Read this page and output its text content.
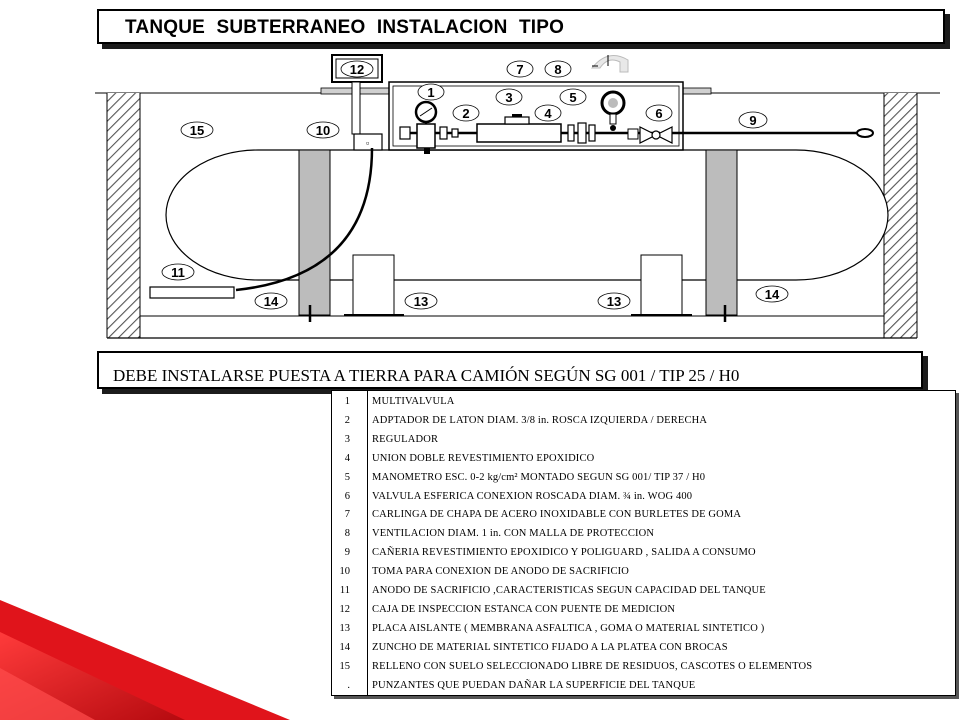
TANQUE SUBTERRANEO INSTALACION TIPO
▫
1
2
3
4
5
6
7 8
9
10
11
12
13	13
14	14
15
DEBE INSTALARSE PUESTA A TIERRA PARA CAMIÓN SEGÚN SG 001 / TIP 25 / H0
1 MULTIVALVULA
2 ADPTADOR DE LATON DIAM. 3/8 in. ROSCA IZQUIERDA / DERECHA
3 REGULADOR
4 UNION DOBLE REVESTIMIENTO EPOXIDICO
5 MANOMETRO ESC. 0-2 kg/cm² MONTADO SEGUN SG 001/ TIP 37 / H0
6 VALVULA ESFERICA CONEXION ROSCADA DIAM. ¾ in. WOG 400
7 CARLINGA DE CHAPA DE ACERO INOXIDABLE CON BURLETES DE GOMA
8 VENTILACION DIAM. 1 in. CON MALLA DE PROTECCION
9 CAÑERIA REVESTIMIENTO EPOXIDICO Y POLIGUARD , SALIDA A CONSUMO
10 TOMA PARA CONEXION DE ANODO DE SACRIFICIO
11 ANODO DE SACRIFICIO ,CARACTERISTICAS SEGUN CAPACIDAD DEL TANQUE
12 CAJA DE INSPECCION ESTANCA CON PUENTE DE MEDICION
13 PLACA AISLANTE ( MEMBRANA ASFALTICA , GOMA O MATERIAL SINTETICO )
14 ZUNCHO DE MATERIAL SINTETICO FIJADO A LA PLATEA CON BROCAS
15 RELLENO CON SUELO SELECCIONADO LIBRE DE RESIDUOS, CASCOTES O ELEMENTOS
. PUNZANTES QUE PUEDAN DAÑAR LA SUPERFICIE DEL TANQUE
